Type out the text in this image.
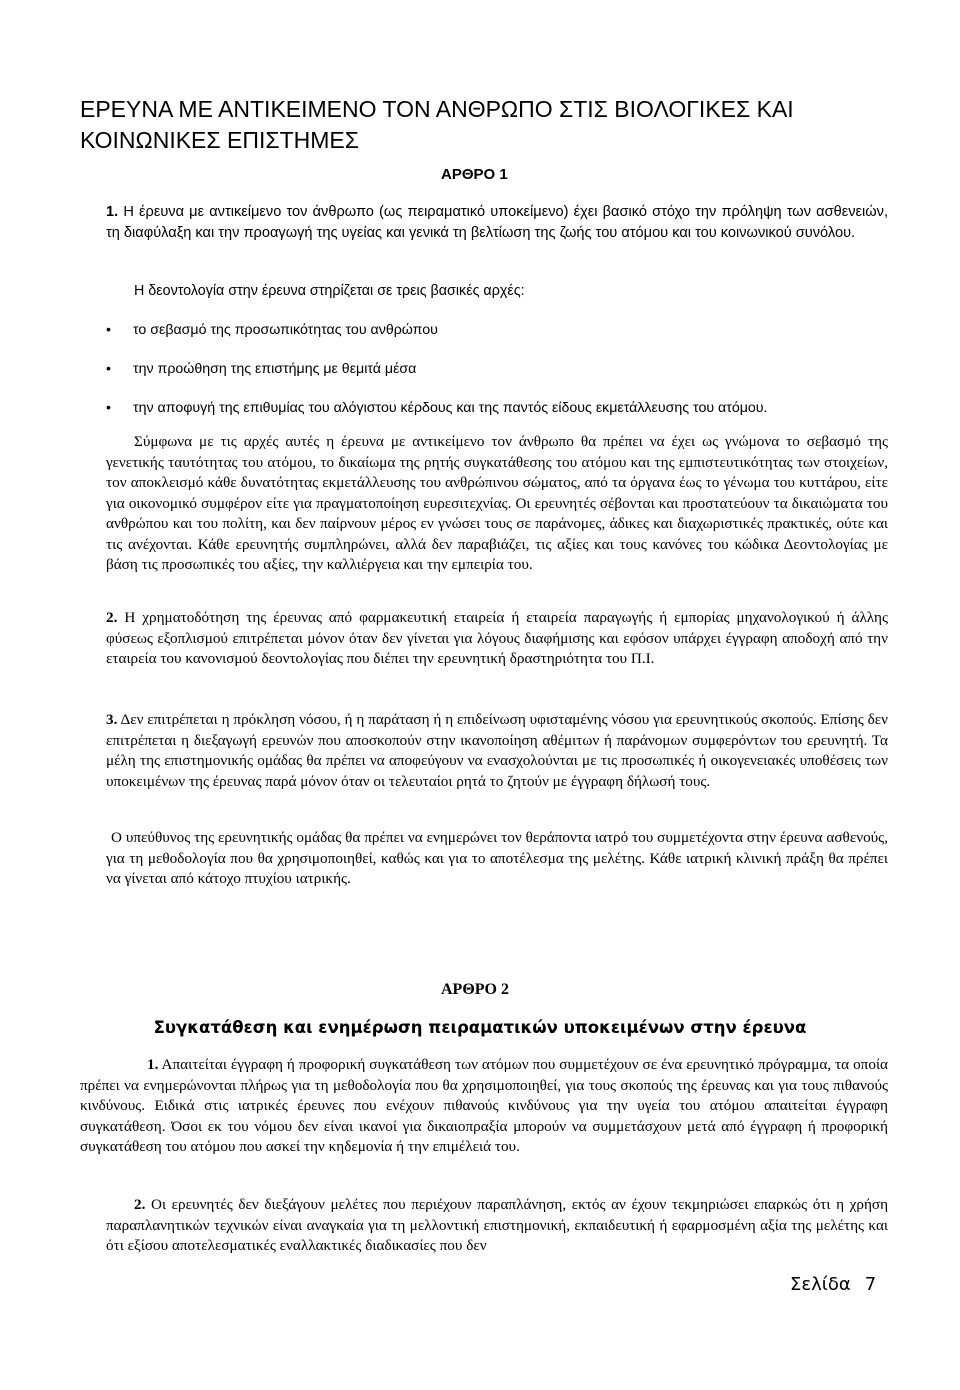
ΕΡΕΥΝΑ ΜΕ ΑΝΤΙΚΕΙΜΕΝΟ ΤΟΝ ΑΝΘΡΩΠΟ ΣΤΙΣ ΒΙΟΛΟΓΙΚΕΣ ΚΑΙ ΚΟΙΝΩΝΙΚΕΣ ΕΠΙΣΤΗΜΕΣ
ΑΡΘΡΟ 1

1. Η έρευνα με αντικείμενο τον άνθρωπο (ως πειραματικό υποκείμενο) έχει βασικό στόχο την πρόληψη των ασθενειών, τη διαφύλαξη και την προαγωγή της υγείας και γενικά τη βελτίωση της ζωής του ατόμου και του κοινωνικού συνόλου.

Η δεοντολογία στην έρευνα στηρίζεται σε τρεις βασικές αρχές:

• το σεβασμό της προσωπικότητας του ανθρώπου
• την προώθηση της επιστήμης με θεμιτά μέσα
• την αποφυγή της επιθυμίας του αλόγιστου κέρδους και της παντός είδους εκμετάλλευσης του ατόμου.

Σύμφωνα με τις αρχές αυτές η έρευνα με αντικείμενο τον άνθρωπο θα πρέπει να έχει ως γνώμονα το σεβασμό της γενετικής ταυτότητας του ατόμου, το δικαίωμα της ρητής συγκατάθεσης του ατόμου και της εμπιστευτικότητας των στοιχείων, τον αποκλεισμό κάθε δυνατότητας εκμετάλλευσης του ανθρώπινου σώματος, από τα όργανα έως το γένωμα του κυττάρου, είτε για οικονομικό συμφέρον είτε για πραγματοποίηση ευρεσιτεχνίας. Οι ερευνητές σέβονται και προστατεύουν τα δικαιώματα του ανθρώπου και του πολίτη, και δεν παίρνουν μέρος εν γνώσει τους σε παράνομες, άδικες και διαχωριστικές πρακτικές, ούτε και τις ανέχονται. Κάθε ερευνητής συμπληρώνει, αλλά δεν παραβιάζει, τις αξίες και τους κανόνες του κώδικα Δεοντολογίας με βάση τις προσωπικές του αξίες, την καλλιέργεια και την εμπειρία του.

2. Η χρηματοδότηση της έρευνας από φαρμακευτική εταιρεία ή εταιρεία παραγωγής ή εμπορίας μηχανολογικού ή άλλης φύσεως εξοπλισμού επιτρέπεται μόνον όταν δεν γίνεται για λόγους διαφήμισης και εφόσον υπάρχει έγγραφη αποδοχή από την εταιρεία του κανονισμού δεοντολογίας που διέπει την ερευνητική δραστηριότητα του Π.Ι.

3. Δεν επιτρέπεται η πρόκληση νόσου, ή η παράταση ή η επιδείνωση υφισταμένης νόσου για ερευνητικούς σκοπούς. Επίσης δεν επιτρέπεται η διεξαγωγή ερευνών που αποσκοπούν στην ικανοποίηση αθέμιτων ή παράνομων συμφερόντων του ερευνητή. Τα μέλη της επιστημονικής ομάδας θα πρέπει να αποφεύγουν να ενασχολούνται με τις προσωπικές ή οικογενειακές υποθέσεις των υποκειμένων της έρευνας παρά μόνον όταν οι τελευταίοι ρητά το ζητούν με έγγραφη δήλωσή τους.

Ο υπεύθυνος της ερευνητικής ομάδας θα πρέπει να ενημερώνει τον θεράποντα ιατρό του συμμετέχοντα στην έρευνα ασθενούς, για τη μεθοδολογία που θα χρησιμοποιηθεί, καθώς και για το αποτέλεσμα της μελέτης. Κάθε ιατρική κλινική πράξη θα πρέπει να γίνεται από κάτοχο πτυχίου ιατρικής.

ΑΡΘΡΟ 2
Συγκατάθεση και ενημέρωση πειραματικών υποκειμένων στην έρευνα

1. Απαιτείται έγγραφη ή προφορική συγκατάθεση των ατόμων που συμμετέχουν σε ένα ερευνητικό πρόγραμμα, τα οποία πρέπει να ενημερώνονται πλήρως για τη μεθοδολογία που θα χρησιμοποιηθεί, για τους σκοπούς της έρευνας και για τους πιθανούς κινδύνους. Ειδικά στις ιατρικές έρευνες που ενέχουν πιθανούς κινδύνους για την υγεία του ατόμου απαιτείται έγγραφη συγκατάθεση. Όσοι εκ του νόμου δεν είναι ικανοί για δικαιοπραξία μπορούν να συμμετάσχουν μετά από έγγραφη ή προφορική συγκατάθεση του ατόμου που ασκεί την κηδεμονία ή την επιμέλειά του.

2. Οι ερευνητές δεν διεξάγουν μελέτες που περιέχουν παραπλάνηση, εκτός αν έχουν τεκμηριώσει επαρκώς ότι η χρήση παραπλανητικών τεχνικών είναι αναγκαία για τη μελλοντική επιστημονική, εκπαιδευτική ή εφαρμοσμένη αξία της μελέτης και ότι εξίσου αποτελεσματικές εναλλακτικές διαδικασίες που δεν

Σελίδα 7
